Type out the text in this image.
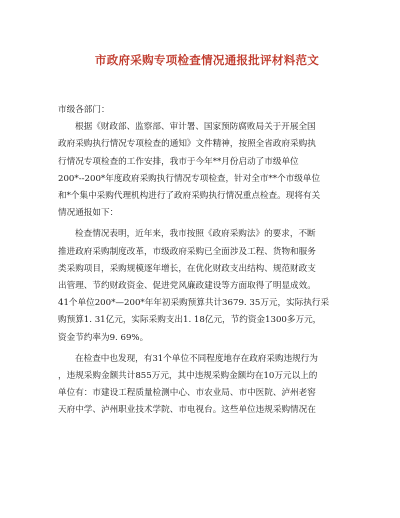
市政府采购专项检查情况通报批评材料范文
市级各部门：
根据《财政部、监察部、审计署、国家预防腐败局关于开展全国
政府采购执行情况专项检查的通知》文件精神，按照全省政府采购执
行情况专项检查的工作安排，我市于今年**月份启动了市级单位
200*--200*年度政府采购执行情况专项检查，针对全市**个市级单位
和*个集中采购代理机构进行了政府采购执行情况重点检查。现将有关
情况通报如下：
检查情况表明，近年来，我市按照《政府采购法》的要求，不断
推进政府采购制度改革，市级政府采购已全面涉及工程、货物和服务
类采购项目，采购规模逐年增长，在优化财政支出结构、规范财政支
出管理、节约财政资金、促进党风廉政建设等方面取得了明显成效。
41个单位200*—200*年年初采购预算共计3679. 35万元，实际执行采
购预算1. 31亿元，实际采购支出1. 18亿元，节约资金1300多万元，
资金节约率为9. 69%。
在检查中也发现，有31个单位不同程度地存在政府采购违规行为
，违规采购金额共计855万元，其中违规采购金额均在10万元以上的
单位有：市建设工程质量检测中心、市农业局、市中医院、泸州老窖
天府中学、泸州职业技术学院、市电视台。这些单位违规采购情况在
